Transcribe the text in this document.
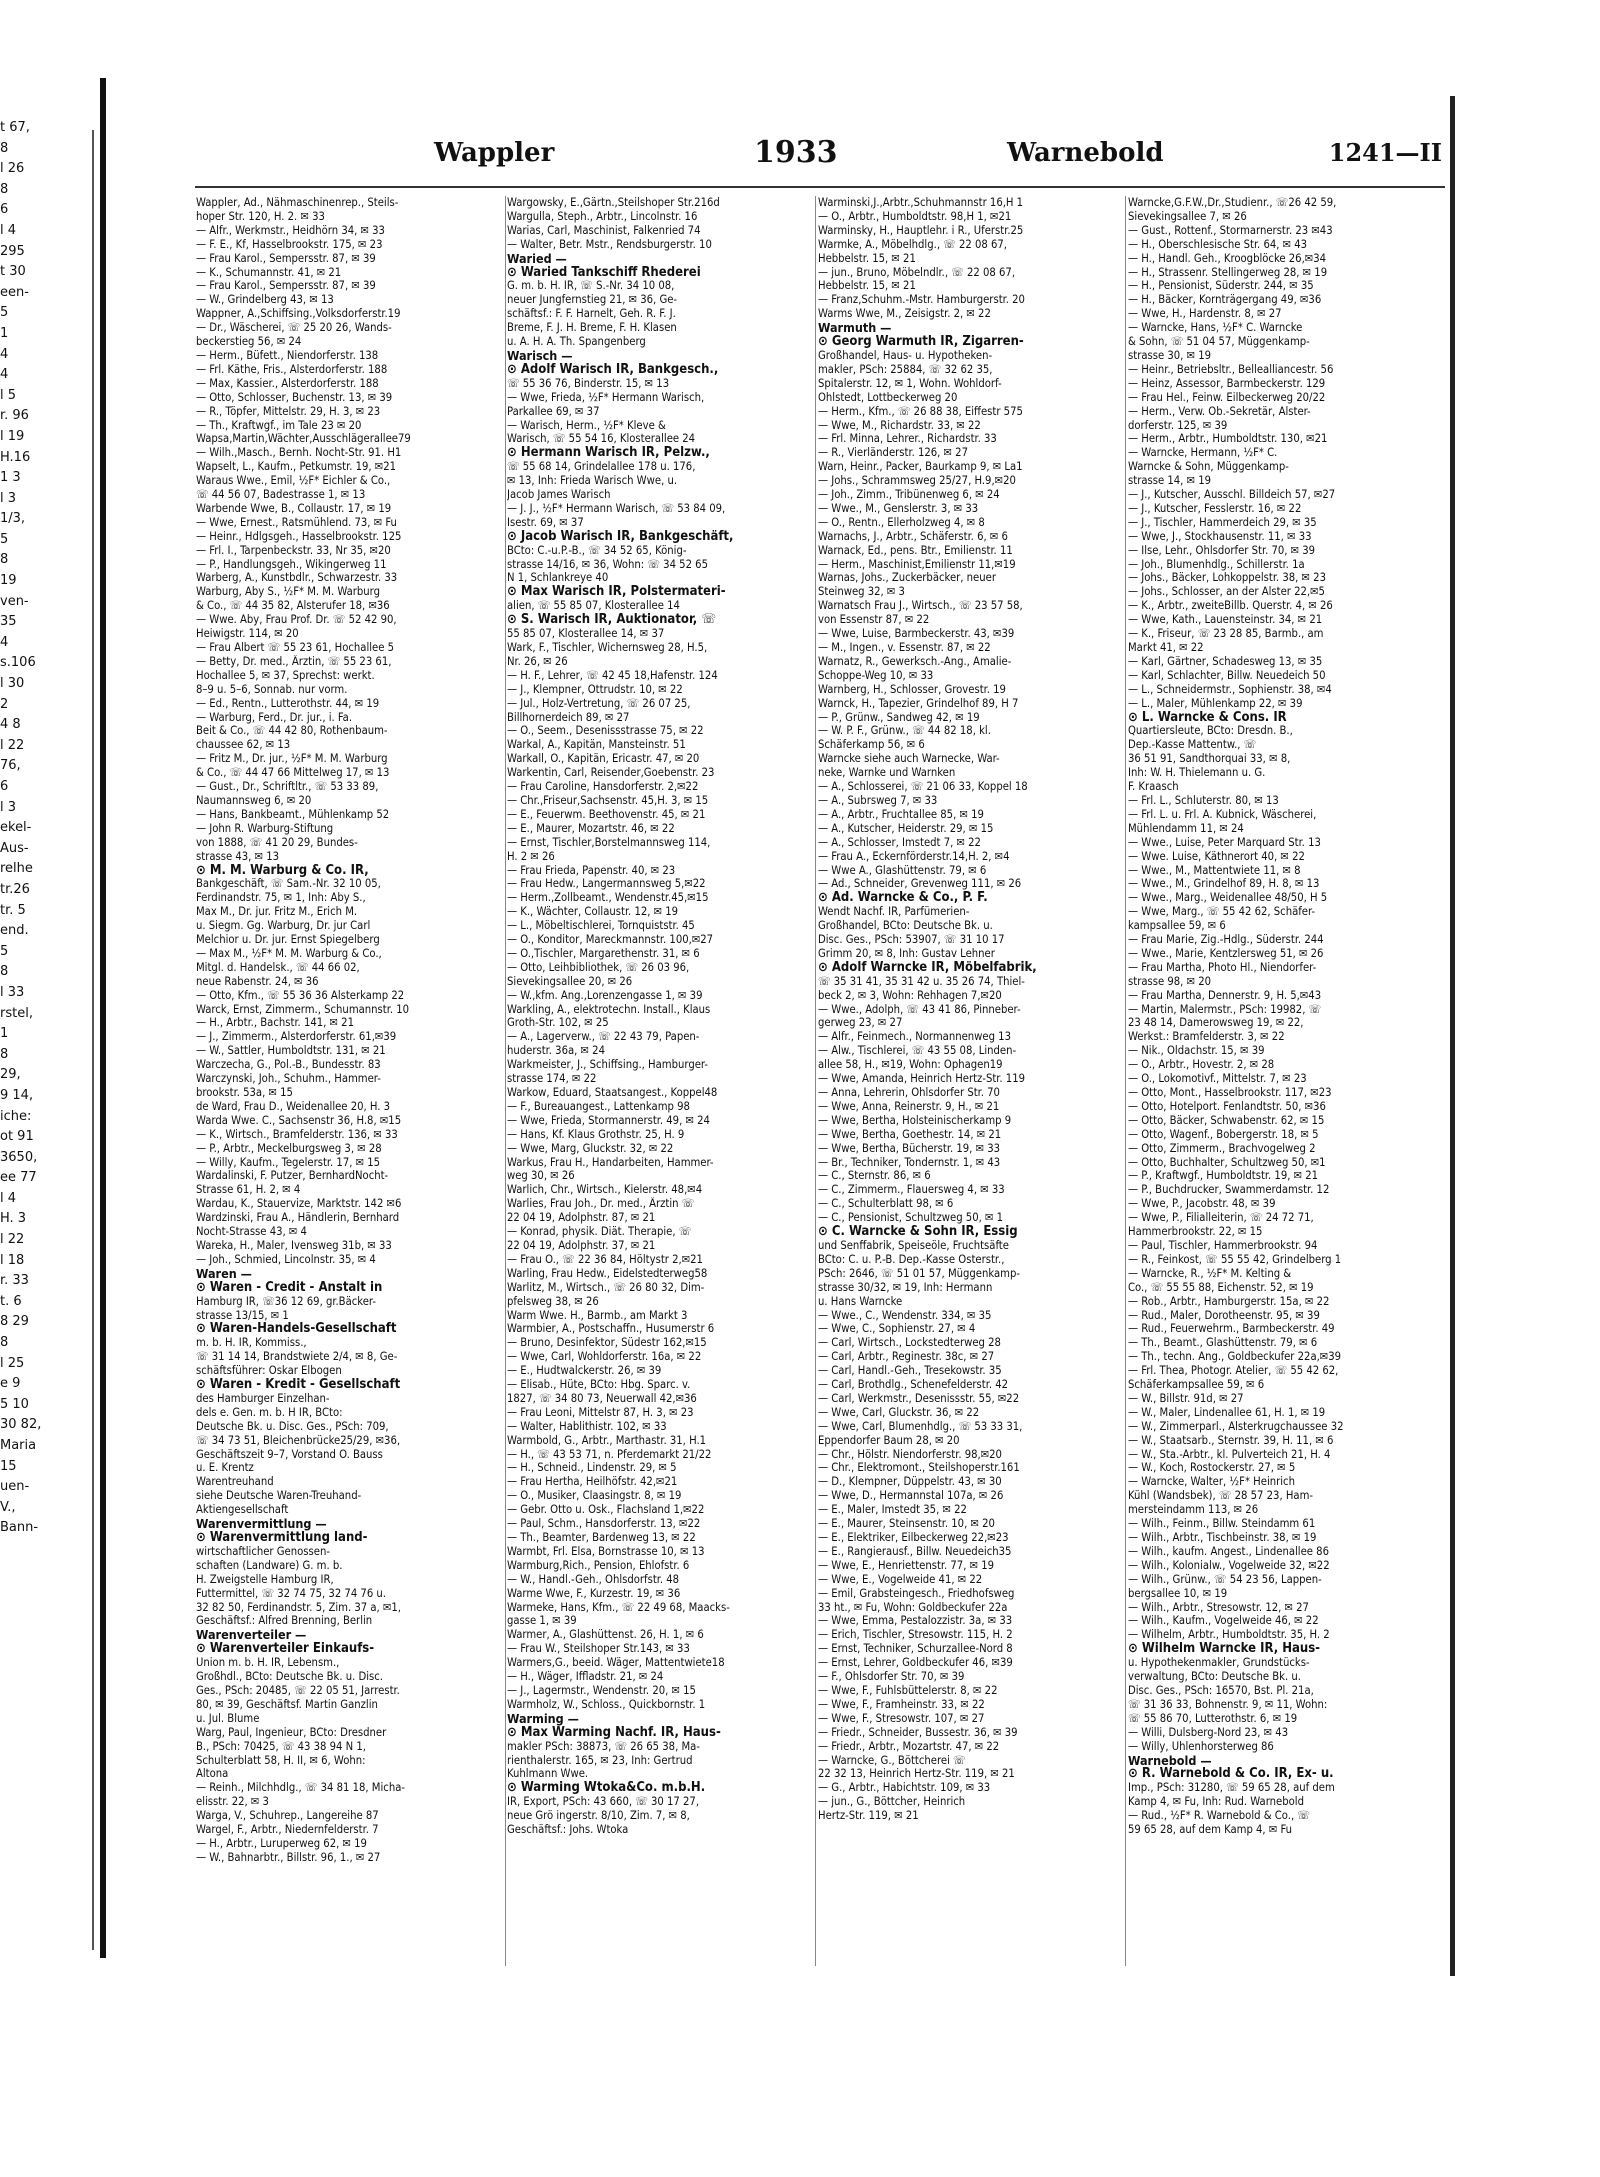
t 67,
8
l 26
8
6
l 4
295
t 30
een-
5
1
4
4
l 5
r. 96
l 19
H.16
1 3
l 3
1/3,
5
8
19
ven-
35
4
s.106
l 30
2
4 8
l 22
76,
6
l 3
ekel-
Aus-
relhe
tr.26
tr. 5
end.
5
8
l 33
rstel,
1
8
29,
9 14,
iche:
ot 91
3650,
ee 77
l 4
H. 3
l 22
l 18
r. 33
t. 6
8 29
8
l 25
e 9
5 10
30 82,
Maria
15
uen-
V.,
Bann-
Wappler	1933	Warnebold	1241—II
Wappler, Ad., Nähmaschinenrep., Steils-
hoper Str. 120, H. 2. ✉ 33
— Alfr., Werkmstr., Heidhörn 34, ✉ 33
— F. E., Kf, Hasselbrookstr. 175, ✉ 23
— Frau Karol., Sempersstr. 87, ✉ 39
— K., Schumannstr. 41, ✉ 21
— Frau Karol., Sempersstr. 87, ✉ 39
— W., Grindelberg 43, ✉ 13
Wappner, A.,Schiffsing.,Volksdorferstr.19
— Dr., Wäscherei, ☏ 25 20 26, Wands-
beckerstieg 56, ✉ 24
— Herm., Büfett., Niendorferstr. 138
— Frl. Käthe, Fris., Alsterdorferstr. 188
— Max, Kassier., Alsterdorferstr. 188
— Otto, Schlosser, Buchenstr. 13, ✉ 39
— R., Töpfer, Mittelstr. 29, H. 3, ✉ 23
— Th., Kraftwgf., im Tale 23 ✉ 20
Wapsa,Martin,Wächter,Ausschlägerallee79
— Wilh.,Masch., Bernh. Nocht-Str. 91. H1
Wapselt, L., Kaufm., Petkumstr. 19, ✉21
Waraus Wwe., Emil, ½F* Eichler & Co.,
☏ 44 56 07, Badestrasse 1, ✉ 13
Warbende Wwe, B., Collaustr. 17, ✉ 19
— Wwe, Ernest., Ratsmühlend. 73, ✉ Fu
— Heinr., Hdlgsgeh., Hasselbrookstr. 125
— Frl. I., Tarpenbeckstr. 33, Nr 35, ✉20
— P., Handlungsgeh., Wikingerweg 11
Warberg, A., Kunstbdlr., Schwarzestr. 33
Warburg, Aby S., ½F* M. M. Warburg
& Co., ☏ 44 35 82, Alsterufer 18, ✉36
— Wwe. Aby, Frau Prof. Dr. ☏ 52 42 90,
Heiwigstr. 114, ✉ 20
— Frau Albert ☏ 55 23 61, Hochallee 5
— Betty, Dr. med., Ärztin, ☏ 55 23 61,
Hochallee 5, ✉ 37, Sprechst: werkt.
8–9 u. 5–6, Sonnab. nur vorm.
— Ed., Rentn., Lutterothstr. 44, ✉ 19
— Warburg, Ferd., Dr. jur., i. Fa.
Beit & Co., ☏ 44 42 80, Rothenbaum-
chaussee 62, ✉ 13
— Fritz M., Dr. jur., ½F* M. M. Warburg
& Co., ☏ 44 47 66 Mittelweg 17, ✉ 13
— Gust., Dr., Schriftltr., ☏ 53 33 89,
Naumannsweg 6, ✉ 20
— Hans, Bankbeamt., Mühlenkamp 52
— John R. Warburg-Stiftung
von 1888, ☏ 41 20 29, Bundes-
strasse 43, ✉ 13
⊙ M. M. Warburg & Co. IR,
Bankgeschäft, ☏ Sam.-Nr. 32 10 05,
Ferdinandstr. 75, ✉ 1, Inh: Aby S.,
Max M., Dr. jur. Fritz M., Erich M.
u. Siegm. Gg. Warburg, Dr. jur Carl
Melchior u. Dr. jur. Ernst Spiegelberg
— Max M., ½F* M. M. Warburg & Co.,
Mitgl. d. Handelsk., ☏ 44 66 02,
neue Rabenstr. 24, ✉ 36
— Otto, Kfm., ☏ 55 36 36 Alsterkamp 22
Warck, Ernst, Zimmerm., Schumannstr. 10
— H., Arbtr., Bachstr. 141, ✉ 21
— J., Zimmerm., Alsterdorferstr. 61,✉39
— W., Sattler, Humboldtstr. 131, ✉ 21
Warczecha, G., Pol.-B., Bundesstr. 83
Warczynski, Joh., Schuhm., Hammer-
brookstr. 53a, ✉ 15
de Ward, Frau D., Weidenallee 20, H. 3
Warda Wwe. C., Sachsenstr 36, H.8, ✉15
— K., Wirtsch., Bramfelderstr. 136, ✉ 33
— P., Arbtr., Meckelburgsweg 3, ✉ 28
— Willy, Kaufm., Tegelerstr. 17, ✉ 15
Wardalinski, F. Putzer, BernhardNocht-
Strasse 61, H. 2, ✉ 4
Wardau, K., Stauervize, Marktstr. 142 ✉6
Wardzinski, Frau A., Händlerin, Bernhard
Nocht-Strasse 43, ✉ 4
Wareka, H., Maler, Ivensweg 31b, ✉ 33
— Joh., Schmied, Lincolnstr. 35, ✉ 4
Waren —
⊙ Waren - Credit - Anstalt in
Hamburg IR, ☏36 12 69, gr.Bäcker-
strasse 13/15, ✉ 1
⊙ Waren-Handels-Gesellschaft
m. b. H. IR, Kommiss.,
☏ 31 14 14, Brandstwiete 2/4, ✉ 8, Ge-
schäftsführer: Oskar Elbogen
⊙ Waren - Kredit - Gesellschaft
des Hamburger Einzelhan-
dels e. Gen. m. b. H IR, BCto:
Deutsche Bk. u. Disc. Ges., PSch: 709,
☏ 34 73 51, Bleichenbrücke25/29, ✉36,
Geschäftszeit 9–7, Vorstand O. Bauss
u. E. Krentz
Warentreuhand
siehe Deutsche Waren-Treuhand-
Aktiengesellschaft
Warenvermittlung —
⊙ Warenvermittlung land-
wirtschaftlicher Genossen-
schaften (Landware) G. m. b.
H. Zweigstelle Hamburg IR,
Futtermittel, ☏ 32 74 75, 32 74 76 u.
32 82 50, Ferdinandstr. 5, Zim. 37 a, ✉1,
Geschäftsf.: Alfred Brenning, Berlin
Warenverteiler —
⊙ Warenverteiler Einkaufs-
Union m. b. H. IR, Lebensm.,
Großhdl., BCto: Deutsche Bk. u. Disc.
Ges., PSch: 20485, ☏ 22 05 51, Jarrestr.
80, ✉ 39, Geschäftsf. Martin Ganzlin
u. Jul. Blume
Warg, Paul, Ingenieur, BCto: Dresdner
B., PSch: 70425, ☏ 43 38 94 N 1,
Schulterblatt 58, H. II, ✉ 6, Wohn:
Altona
— Reinh., Milchhdlg., ☏ 34 81 18, Micha-
elisstr. 22, ✉ 3
Warga, V., Schuhrep., Langereihe 87
Wargel, F., Arbtr., Niedernfelderstr. 7
— H., Arbtr., Luruperweg 62, ✉ 19
— W., Bahnarbtr., Billstr. 96, 1., ✉ 27
Wargowsky, E.,Gärtn.,Steilshoper Str.216d
Wargulla, Steph., Arbtr., Lincolnstr. 16
Warias, Carl, Maschinist, Falkenried 74
— Walter, Betr. Mstr., Rendsburgerstr. 10
Waried —
⊙ Waried Tankschiff Rhederei
G. m. b. H. IR, ☏ S.-Nr. 34 10 08,
neuer Jungfernstieg 21, ✉ 36, Ge-
schäftsf.: F. F. Harnelt, Geh. R. F. J.
Breme, F. J. H. Breme, F. H. Klasen
u. A. H. A. Th. Spangenberg
Warisch —
⊙ Adolf Warisch IR, Bankgesch.,
☏ 55 36 76, Binderstr. 15, ✉ 13
— Wwe, Frieda, ½F* Hermann Warisch,
Parkallee 69, ✉ 37
— Warisch, Herm., ½F* Kleve &
Warisch, ☏ 55 54 16, Klosterallee 24
⊙ Hermann Warisch IR, Pelzw.,
☏ 55 68 14, Grindelallee 178 u. 176,
✉ 13, Inh: Frieda Warisch Wwe, u.
Jacob James Warisch
— J. J., ½F* Hermann Warisch, ☏ 53 84 09,
Isestr. 69, ✉ 37
⊙ Jacob Warisch IR, Bankgeschäft,
BCto: C.-u.P.-B., ☏ 34 52 65, König-
strasse 14/16, ✉ 36, Wohn: ☏ 34 52 65
N 1, Schlankreye 40
⊙ Max Warisch IR, Polstermateri-
alien, ☏ 55 85 07, Klosterallee 14
⊙ S. Warisch IR, Auktionator, ☏
55 85 07, Klosterallee 14, ✉ 37
Wark, F., Tischler, Wichernsweg 28, H.5,
Nr. 26, ✉ 26
— H. F., Lehrer, ☏ 42 45 18,Hafenstr. 124
— J., Klempner, Ottrudstr. 10, ✉ 22
— Jul., Holz-Vertretung, ☏ 26 07 25,
Billhornerdeich 89, ✉ 27
— O., Seem., Desenissstrasse 75, ✉ 22
Warkal, A., Kapitän, Mansteinstr. 51
Warkall, O., Kapitän, Ericastr. 47, ✉ 20
Warkentin, Carl, Reisender,Goebenstr. 23
— Frau Caroline, Hansdorferstr. 2,✉22
— Chr.,Friseur,Sachsenstr. 45,H. 3, ✉ 15
— E., Feuerwm. Beethovenstr. 45, ✉ 21
— E., Maurer, Mozartstr. 46, ✉ 22
— Ernst, Tischler,Borstelmannsweg 114,
H. 2 ✉ 26
— Frau Frieda, Papenstr. 40, ✉ 23
— Frau Hedw., Langermannsweg 5,✉22
— Herm.,Zollbeamt., Wendenstr.45,✉15
— K., Wächter, Collaustr. 12, ✉ 19
— L., Möbeltischlerei, Tornquiststr. 45
— O., Konditor, Mareckmannstr. 100,✉27
— O.,Tischler, Margarethenstr. 31, ✉ 6
— Otto, Leihbibliothek, ☏ 26 03 96,
Sievekingsallee 20, ✉ 26
— W.,kfm. Ang.,Lorenzengasse 1, ✉ 39
Warkling, A., elektrotechn. Install., Klaus
Groth-Str. 102, ✉ 25
— A., Lagerverw., ☏ 22 43 79, Papen-
huderstr. 36a, ✉ 24
Warkmeister, J., Schiffsing., Hamburger-
strasse 174, ✉ 22
Warkow, Eduard, Staatsangest., Koppel48
— F., Bureauangest., Lattenkamp 98
— Wwe, Frieda, Stormannerstr. 49, ✉ 24
— Hans, Kf. Klaus Grothstr. 25, H. 9
— Wwe, Marg, Gluckstr. 32, ✉ 22
Warkus, Frau H., Handarbeiten, Hammer-
weg 30, ✉ 26
Warlich, Chr., Wirtsch., Kielerstr. 48,✉4
Warlies, Frau Joh., Dr. med., Ärztin ☏
22 04 19, Adolphstr. 87, ✉ 21
— Konrad, physik. Diät. Therapie, ☏
22 04 19, Adolphstr. 37, ✉ 21
— Frau O., ☏ 22 36 84, Höltystr 2,✉21
Warling, Frau Hedw., Eidelstedterweg58
Warlitz, M., Wirtsch., ☏ 26 80 32, Dim-
pfelsweg 38, ✉ 26
Warm Wwe. H., Barmb., am Markt 3
Warmbier, A., Postschaffn., Husumerstr 6
— Bruno, Desinfektor, Südestr 162,✉15
— Wwe, Carl, Wohldorferstr. 16a, ✉ 22
— E., Hudtwalckerstr. 26, ✉ 39
— Elisab., Hüte, BCto: Hbg. Sparc. v.
1827, ☏ 34 80 73, Neuerwall 42,✉36
— Frau Leoni, Mittelstr 87, H. 3, ✉ 23
— Walter, Hablithistr. 102, ✉ 33
Warmbold, G., Arbtr., Marthastr. 31, H.1
— H., ☏ 43 53 71, n. Pferdemarkt 21/22
— H., Schneid., Lindenstr. 29, ✉ 5
— Frau Hertha, Heilhöfstr. 42,✉21
— O., Musiker, Claasingstr. 8, ✉ 19
— Gebr. Otto u. Osk., Flachsland 1,✉22
— Paul, Schm., Hansdorferstr. 13, ✉22
— Th., Beamter, Bardenweg 13, ✉ 22
Warmbt, Frl. Elsa, Bornstrasse 10, ✉ 13
Warmburg,Rich., Pension, Ehlofstr. 6
— W., Handl.-Geh., Ohlsdorfstr. 48
Warme Wwe, F., Kurzestr. 19, ✉ 36
Warmeke, Hans, Kfm., ☏ 22 49 68, Maacks-
gasse 1, ✉ 39
Warmer, A., Glashüttenst. 26, H. 1, ✉ 6
— Frau W., Steilshoper Str.143, ✉ 33
Warmers,G., beeid. Wäger, Mattentwiete18
— H., Wäger, Iffladstr. 21, ✉ 24
— J., Lagermstr., Wendenstr. 20, ✉ 15
Warmholz, W., Schloss., Quickbornstr. 1
Warming —
⊙ Max Warming Nachf. IR, Haus-
makler PSch: 38873, ☏ 26 65 38, Ma-
rienthalerstr. 165, ✉ 23, Inh: Gertrud
Kuhlmann Wwe.
⊙ Warming Wtoka&Co. m.b.H.
IR, Export, PSch: 43 660, ☏ 30 17 27,
neue Grö ingerstr. 8/10, Zim. 7, ✉ 8,
Geschäftsf.: Johs. Wtoka
Warminski,J.,Arbtr.,Schuhmannstr 16,H 1
— O., Arbtr., Humboldtstr. 98,H 1, ✉21
Warminsky, H., Hauptlehr. i R., Uferstr.25
Warmke, A., Möbelhdlg., ☏ 22 08 67,
Hebbelstr. 15, ✉ 21
— jun., Bruno, Möbelndlr., ☏ 22 08 67,
Hebbelstr. 15, ✉ 21
— Franz,Schuhm.-Mstr. Hamburgerstr. 20
Warms Wwe, M., Zeisigstr. 2, ✉ 22
Warmuth —
⊙ Georg Warmuth IR, Zigarren-
Großhandel, Haus- u. Hypotheken-
makler, PSch: 25884, ☏ 32 62 35,
Spitalerstr. 12, ✉ 1, Wohn. Wohldorf-
Ohlstedt, Lottbeckerweg 20
— Herm., Kfm., ☏ 26 88 38, Eiffestr 575
— Wwe, M., Richardstr. 33, ✉ 22
— Frl. Minna, Lehrer., Richardstr. 33
— R., Vierländerstr. 126, ✉ 27
Warn, Heinr., Packer, Baurkamp 9, ✉ La1
— Johs., Schrammsweg 25/27, H.9,✉20
— Joh., Zimm., Tribünenweg 6, ✉ 24
— Wwe., M., Genslerstr. 3, ✉ 33
— O., Rentn., Ellerholzweg 4, ✉ 8
Warnachs, J., Arbtr., Schäferstr. 6, ✉ 6
Warnack, Ed., pens. Btr., Emilienstr. 11
— Herm., Maschinist,Emilienstr 11,✉19
Warnas, Johs., Zuckerbäcker, neuer
Steinweg 32, ✉ 3
Warnatsch Frau J., Wirtsch., ☏ 23 57 58,
von Essenstr 87, ✉ 22
— Wwe, Luise, Barmbeckerstr. 43, ✉39
— M., Ingen., v. Essenstr. 87, ✉ 22
Warnatz, R., Gewerksch.-Ang., Amalie-
Schoppe-Weg 10, ✉ 33
Warnberg, H., Schlosser, Grovestr. 19
Warnck, H., Tapezier, Grindelhof 89, H 7
— P., Grünw., Sandweg 42, ✉ 19
— W. P. F., Grünw., ☏ 44 82 18, kl.
Schäferkamp 56, ✉ 6
Warncke siehe auch Warnecke, War-
neke, Warnke und Warnken
— A., Schlosserei, ☏ 21 06 33, Koppel 18
— A., Subrsweg 7, ✉ 33
— A., Arbtr., Fruchtallee 85, ✉ 19
— A., Kutscher, Heiderstr. 29, ✉ 15
— A., Schlosser, Imstedt 7, ✉ 22
— Frau A., Eckernförderstr.14,H. 2, ✉4
— Wwe A., Glashüttenstr. 79, ✉ 6
— Ad., Schneider, Grevenweg 111, ✉ 26
⊙ Ad. Warncke & Co., P. F.
Wendt Nachf. IR, Parfümerien-
Großhandel, BCto: Deutsche Bk. u.
Disc. Ges., PSch: 53907, ☏ 31 10 17
Grimm 20, ✉ 8, Inh: Gustav Lehner
⊙ Adolf Warncke IR, Möbelfabrik,
☏ 35 31 41, 35 31 42 u. 35 26 74, Thiel-
beck 2, ✉ 3, Wohn: Rehhagen 7,✉20
— Wwe., Adolph, ☏ 43 41 86, Pinneber-
gerweg 23, ✉ 27
— Alfr., Feinmech., Normannenweg 13
— Alw., Tischlerei, ☏ 43 55 08, Linden-
allee 58, H., ✉19, Wohn: Ophagen19
— Wwe, Amanda, Heinrich Hertz-Str. 119
— Anna, Lehrerin, Ohlsdorfer Str. 70
— Wwe, Anna, Reinerstr. 9, H., ✉ 21
— Wwe, Bertha, Holsteinischerkamp 9
— Wwe, Bertha, Goethestr. 14, ✉ 21
— Wwe, Bertha, Bücherstr. 19, ✉ 33
— Br., Techniker, Tondernstr. 1, ✉ 43
— C., Sternstr. 86, ✉ 6
— C., Zimmerm., Flauersweg 4, ✉ 33
— C., Schulterblatt 98, ✉ 6
— C., Pensionist, Schultzweg 50, ✉ 1
⊙ C. Warncke & Sohn IR, Essig
und Senffabrik, Speiseöle, Fruchtsäfte
BCto: C. u. P.-B. Dep.-Kasse Osterstr.,
PSch: 2646, ☏ 51 01 57, Müggenkamp-
strasse 30/32, ✉ 19, Inh: Hermann
u. Hans Warncke
— Wwe., C., Wendenstr. 334, ✉ 35
— Wwe, C., Sophienstr. 27, ✉ 4
— Carl, Wirtsch., Lockstedterweg 28
— Carl, Arbtr., Reginestr. 38c, ✉ 27
— Carl, Handl.-Geh., Tresekowstr. 35
— Carl, Brothdlg., Schenefelderstr. 42
— Carl, Werkmstr., Desenissstr. 55, ✉22
— Wwe, Carl, Gluckstr. 36, ✉ 22
— Wwe, Carl, Blumenhdlg., ☏ 53 33 31,
Eppendorfer Baum 28, ✉ 20
— Chr., Hölstr. Niendorferstr. 98,✉20
— Chr., Elektromont., Steilshoperstr.161
— D., Klempner, Düppelstr. 43, ✉ 30
— Wwe, D., Hermannstal 107a, ✉ 26
— E., Maler, Imstedt 35, ✉ 22
— E., Maurer, Steinsenstr. 10, ✉ 20
— E., Elektriker, Eilbeckerweg 22,✉23
— E., Rangierausf., Billw. Neuedeich35
— Wwe, E., Henriettenstr. 77, ✉ 19
— Wwe, E., Vogelweide 41, ✉ 22
— Emil, Grabsteingesch., Friedhofsweg
33 ht., ✉ Fu, Wohn: Goldbeckufer 22a
— Wwe, Emma, Pestalozzistr. 3a, ✉ 33
— Erich, Tischler, Stresowstr. 115, H. 2
— Ernst, Techniker, Schurzallee-Nord 8
— Ernst, Lehrer, Goldbeckufer 46, ✉39
— F., Ohlsdorfer Str. 70, ✉ 39
— Wwe, F., Fuhlsbüttelerstr. 8, ✉ 22
— Wwe, F., Framheinstr. 33, ✉ 22
— Wwe, F., Stresowstr. 107, ✉ 27
— Friedr., Schneider, Bussestr. 36, ✉ 39
— Friedr., Arbtr., Mozartstr. 47, ✉ 22
— Warncke, G., Böttcherei ☏
22 32 13, Heinrich Hertz-Str. 119, ✉ 21
— G., Arbtr., Habichtstr. 109, ✉ 33
— jun., G., Böttcher, Heinrich
Hertz-Str. 119, ✉ 21
Warncke,G.F.W.,Dr.,Studienr., ☏26 42 59,
Sievekingsallee 7, ✉ 26
— Gust., Rottenf., Stormarnerstr. 23 ✉43
— H., Oberschlesische Str. 64, ✉ 43
— H., Handl. Geh., Kroogblöcke 26,✉34
— H., Strassenr. Stellingerweg 28, ✉ 19
— H., Pensionist, Süderstr. 244, ✉ 35
— H., Bäcker, Kornträgergang 49, ✉36
— Wwe, H., Hardenstr. 8, ✉ 27
— Warncke, Hans, ½F* C. Warncke
& Sohn, ☏ 51 04 57, Müggenkamp-
strasse 30, ✉ 19
— Heinr., Betriebsltr., Bellealliancestr. 56
— Heinz, Assessor, Barmbeckerstr. 129
— Frau Hel., Feinw. Eilbeckerweg 20/22
— Herm., Verw. Ob.-Sekretär, Alster-
dorferstr. 125, ✉ 39
— Herm., Arbtr., Humboldtstr. 130, ✉21
— Warncke, Hermann, ½F* C.
Warncke & Sohn, Müggenkamp-
strasse 14, ✉ 19
— J., Kutscher, Ausschl. Billdeich 57, ✉27
— J., Kutscher, Fesslerstr. 16, ✉ 22
— J., Tischler, Hammerdeich 29, ✉ 35
— Wwe, J., Stockhausenstr. 11, ✉ 33
— Ilse, Lehr., Ohlsdorfer Str. 70, ✉ 39
— Joh., Blumenhdlg., Schillerstr. 1a
— Johs., Bäcker, Lohkoppelstr. 38, ✉ 23
— Johs., Schlosser, an der Alster 22,✉5
— K., Arbtr., zweiteBillb. Querstr. 4, ✉ 26
— Wwe, Kath., Lauensteinstr. 34, ✉ 21
— K., Friseur, ☏ 23 28 85, Barmb., am
Markt 41, ✉ 22
— Karl, Gärtner, Schadesweg 13, ✉ 35
— Karl, Schlachter, Billw. Neuedeich 50
— L., Schneidermstr., Sophienstr. 38, ✉4
— L., Maler, Mühlenkamp 22, ✉ 39
⊙ L. Warncke & Cons. IR
Quartiersleute, BCto: Dresdn. B.,
Dep.-Kasse Mattentw., ☏
36 51 91, Sandthorquai 33, ✉ 8,
Inh: W. H. Thielemann u. G.
F. Kraasch
— Frl. L., Schluterstr. 80, ✉ 13
— Frl. L. u. Frl. A. Kubnick, Wäscherei,
Mühlendamm 11, ✉ 24
— Wwe., Luise, Peter Marquard Str. 13
— Wwe. Luise, Käthnerort 40, ✉ 22
— Wwe., M., Mattentwiete 11, ✉ 8
— Wwe., M., Grindelhof 89, H. 8, ✉ 13
— Wwe., Marg., Weidenallee 48/50, H 5
— Wwe, Marg., ☏ 55 42 62, Schäfer-
kampsallee 59, ✉ 6
— Frau Marie, Zig.-Hdlg., Süderstr. 244
— Wwe., Marie, Kentzlersweg 51, ✉ 26
— Frau Martha, Photo Hl., Niendorfer-
strasse 98, ✉ 20
— Frau Martha, Dennerstr. 9, H. 5,✉43
— Martin, Malermstr., PSch: 19982, ☏
23 48 14, Damerowsweg 19, ✉ 22,
Werkst.: Bramfelderstr. 3, ✉ 22
— Nik., Oldachstr. 15, ✉ 39
— O., Arbtr., Hovestr. 2, ✉ 28
— O., Lokomotivf., Mittelstr. 7, ✉ 23
— Otto, Mont., Hasselbrookstr. 117, ✉23
— Otto, Hotelport. Fenlandtstr. 50, ✉36
— Otto, Bäcker, Schwabenstr. 62, ✉ 15
— Otto, Wagenf., Bobergerstr. 18, ✉ 5
— Otto, Zimmerm., Brachvogelweg 2
— Otto, Buchhalter, Schultzweg 50, ✉1
— P., Kraftwgf., Humboldtstr. 19, ✉ 21
— P., Buchdrucker, Swammerdamstr. 12
— Wwe, P., Jacobstr. 48, ✉ 39
— Wwe, P., Filialleiterin, ☏ 24 72 71,
Hammerbrookstr. 22, ✉ 15
— Paul, Tischler, Hammerbrookstr. 94
— R., Feinkost, ☏ 55 55 42, Grindelberg 1
— Warncke, R., ½F* M. Kelting &
Co., ☏ 55 55 88, Eichenstr. 52, ✉ 19
— Rob., Arbtr., Hamburgerstr. 15a, ✉ 22
— Rud., Maler, Dorotheenstr. 95, ✉ 39
— Rud., Feuerwehrm., Barmbeckerstr. 49
— Th., Beamt., Glashüttenstr. 79, ✉ 6
— Th., techn. Ang., Goldbeckufer 22a,✉39
— Frl. Thea, Photogr. Atelier, ☏ 55 42 62,
Schäferkampsallee 59, ✉ 6
— W., Billstr. 91d, ✉ 27
— W., Maler, Lindenallee 61, H. 1, ✉ 19
— W., Zimmerparl., Alsterkrugchaussee 32
— W., Staatsarb., Sternstr. 39, H. 11, ✉ 6
— W., Sta.-Arbtr., kl. Pulverteich 21, H. 4
— W., Koch, Rostockerstr. 27, ✉ 5
— Warncke, Walter, ½F* Heinrich
Kühl (Wandsbek), ☏ 28 57 23, Ham-
mersteindamm 113, ✉ 26
— Wilh., Feinm., Billw. Steindamm 61
— Wilh., Arbtr., Tischbeinstr. 38, ✉ 19
— Wilh., kaufm. Angest., Lindenallee 86
— Wilh., Kolonialw., Vogelweide 32, ✉22
— Wilh., Grünw., ☏ 54 23 56, Lappen-
bergsallee 10, ✉ 19
— Wilh., Arbtr., Stresowstr. 12, ✉ 27
— Wilh., Kaufm., Vogelweide 46, ✉ 22
— Wilhelm, Arbtr., Humboldtstr. 35, H. 2
⊙ Wilhelm Warncke IR, Haus-
u. Hypothekenmakler, Grundstücks-
verwaltung, BCto: Deutsche Bk. u.
Disc. Ges., PSch: 16570, Bst. Pl. 21a,
☏ 31 36 33, Bohnenstr. 9, ✉ 11, Wohn:
☏ 55 86 70, Lutterothstr. 6, ✉ 19
— Willi, Dulsberg-Nord 23, ✉ 43
— Willy, Uhlenhorsterweg 86
Warnebold —
⊙ R. Warnebold & Co. IR, Ex- u.
Imp., PSch: 31280, ☏ 59 65 28, auf dem
Kamp 4, ✉ Fu, Inh: Rud. Warnebold
— Rud., ½F* R. Warnebold & Co., ☏
59 65 28, auf dem Kamp 4, ✉ Fu
